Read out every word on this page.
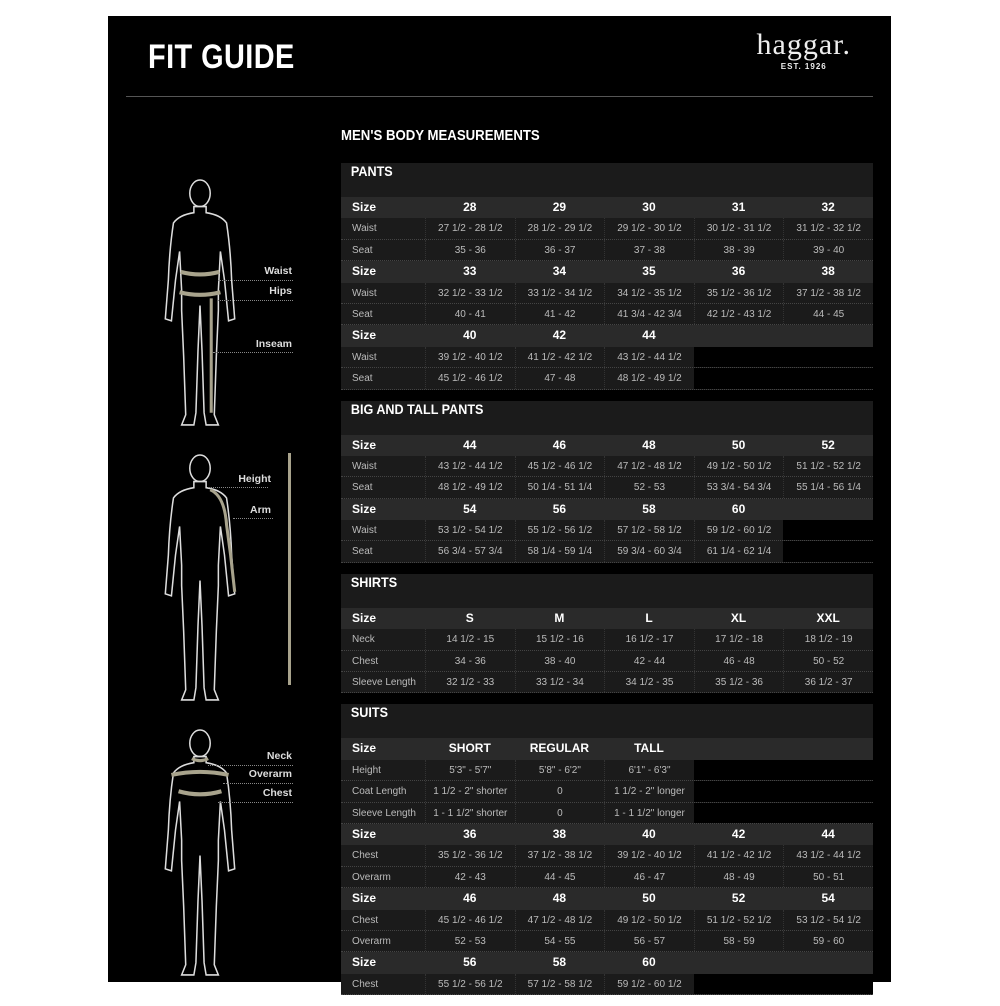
FIT GUIDE	haggar.
EST. 1926
MEN'S BODY MEASUREMENTS
Waist
Hips
Inseam
Height
Arm
Neck
Overarm
Chest
PANTS
Size	28	29	30	31	32
Waist	27 1/2 - 28 1/2	28 1/2 - 29 1/2	29 1/2 - 30 1/2	30 1/2 - 31 1/2	31 1/2 - 32 1/2
Seat	35 - 36	36 - 37	37 - 38	38 - 39	39 - 40
Size	33	34	35	36	38
Waist	32 1/2 - 33 1/2	33 1/2 - 34 1/2	34 1/2 - 35 1/2	35 1/2 - 36 1/2	37 1/2 - 38 1/2
Seat	40 - 41	41 - 42	41 3/4 - 42 3/4	42 1/2 - 43 1/2	44 - 45
Size	40	42	44
Waist	39 1/2 - 40 1/2	41 1/2 - 42 1/2	43 1/2 - 44 1/2
Seat	45 1/2 - 46 1/2	47 - 48	48 1/2 - 49 1/2
BIG AND TALL PANTS
Size	44	46	48	50	52
Waist	43 1/2 - 44 1/2	45 1/2 - 46 1/2	47 1/2 - 48 1/2	49 1/2 - 50 1/2	51 1/2 - 52 1/2
Seat	48 1/2 - 49 1/2	50 1/4 - 51 1/4	52 - 53	53 3/4 - 54 3/4	55 1/4 - 56 1/4
Size	54	56	58	60
Waist	53 1/2 - 54 1/2	55 1/2 - 56 1/2	57 1/2 - 58 1/2	59 1/2 - 60 1/2
Seat	56 3/4 - 57 3/4	58 1/4 - 59 1/4	59 3/4 - 60 3/4	61 1/4 - 62 1/4
SHIRTS
Size	S	M	L	XL	XXL
Neck	14 1/2 - 15	15 1/2 - 16	16 1/2 - 17	17 1/2 - 18	18 1/2 - 19
Chest	34 - 36	38 - 40	42 - 44	46 - 48	50 - 52
Sleeve Length	32 1/2 - 33	33 1/2 - 34	34 1/2 - 35	35 1/2 - 36	36 1/2 - 37
SUITS
Size	SHORT	REGULAR	TALL
Height	5'3" - 5'7"	5'8" - 6'2"	6'1" - 6'3"
Coat Length	1 1/2 - 2" shorter	0	1 1/2 - 2" longer
Sleeve Length	1 - 1 1/2" shorter	0	1 - 1 1/2" longer
Size	36	38	40	42	44
Chest	35 1/2 - 36 1/2	37 1/2 - 38 1/2	39 1/2 - 40 1/2	41 1/2 - 42 1/2	43 1/2 - 44 1/2
Overarm	42 - 43	44 - 45	46 - 47	48 - 49	50 - 51
Size	46	48	50	52	54
Chest	45 1/2 - 46 1/2	47 1/2 - 48 1/2	49 1/2 - 50 1/2	51 1/2 - 52 1/2	53 1/2 - 54 1/2
Overarm	52 - 53	54 - 55	56 - 57	58 - 59	59 - 60
Size	56	58	60
Chest	55 1/2 - 56 1/2	57 1/2 - 58 1/2	59 1/2 - 60 1/2
